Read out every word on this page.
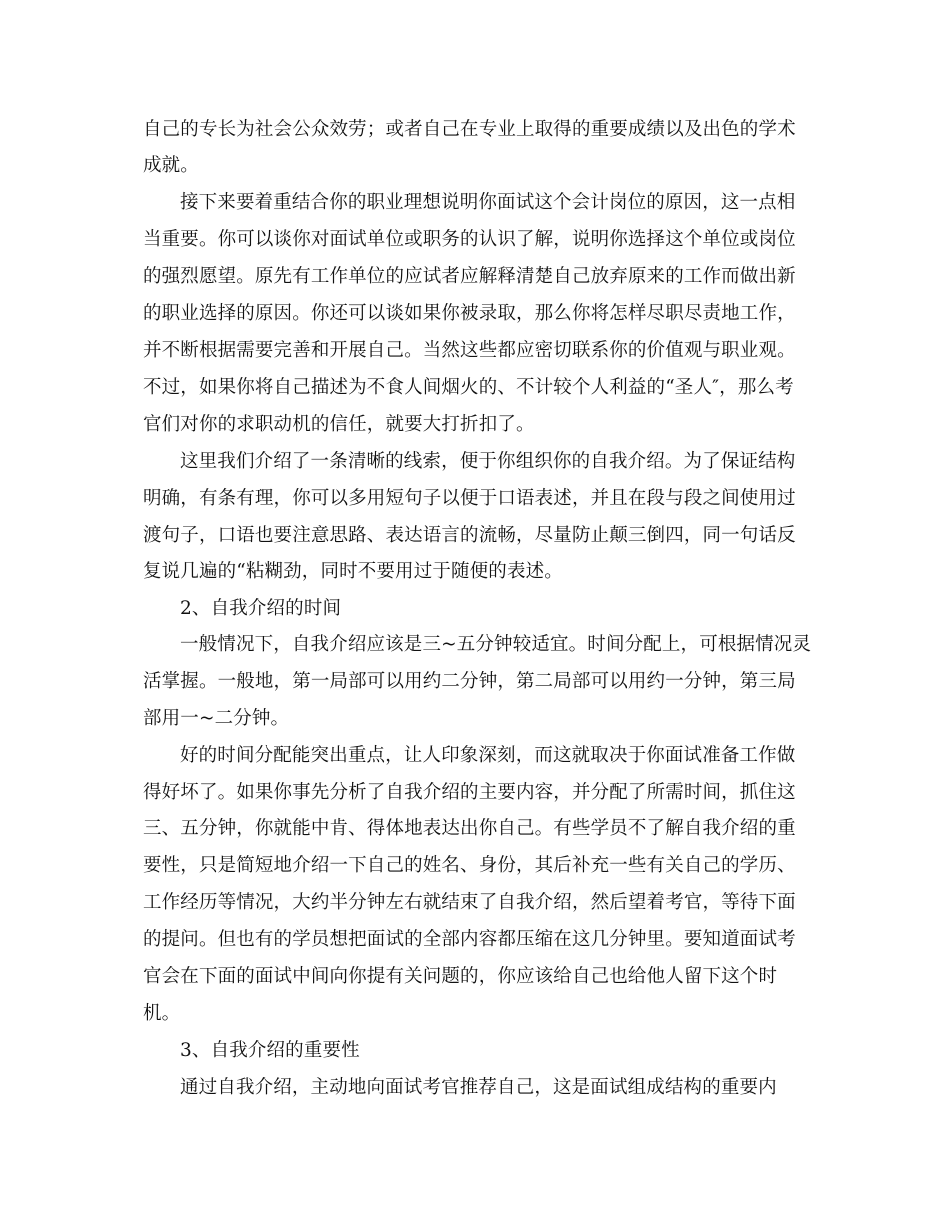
自己的专长为社会公众效劳；或者自己在专业上取得的重要成绩以及出色的学术
成就。
接下来要着重结合你的职业理想说明你面试这个会计岗位的原因，这一点相
当重要。你可以谈你对面试单位或职务的认识了解，说明你选择这个单位或岗位
的强烈愿望。原先有工作单位的应试者应解释清楚自己放弃原来的工作而做出新
的职业选择的原因。你还可以谈如果你被录取，那么你将怎样尽职尽责地工作，
并不断根据需要完善和开展自己。当然这些都应密切联系你的价值观与职业观。
不过，如果你将自己描述为不食人间烟火的、不计较个人利益的“圣人″，那么考
官们对你的求职动机的信任，就要大打折扣了。
这里我们介绍了一条清晰的线索，便于你组织你的自我介绍。为了保证结构
明确，有条有理，你可以多用短句子以便于口语表述，并且在段与段之间使用过
渡句子，口语也要注意思路、表达语言的流畅，尽量防止颠三倒四，同一句话反
复说几遍的“粘糊劲，同时不要用过于随便的表述。
2、自我介绍的时间
一般情况下，自我介绍应该是三~五分钟较适宜。时间分配上，可根据情况灵
活掌握。一般地，第一局部可以用约二分钟，第二局部可以用约一分钟，第三局
部用一~二分钟。
好的时间分配能突出重点，让人印象深刻，而这就取决于你面试准备工作做
得好坏了。如果你事先分析了自我介绍的主要内容，并分配了所需时间，抓住这
三、五分钟，你就能中肯、得体地表达出你自己。有些学员不了解自我介绍的重
要性，只是简短地介绍一下自己的姓名、身份，其后补充一些有关自己的学历、
工作经历等情况，大约半分钟左右就结束了自我介绍，然后望着考官，等待下面
的提问。但也有的学员想把面试的全部内容都压缩在这几分钟里。要知道面试考
官会在下面的面试中间向你提有关问题的，你应该给自己也给他人留下这个时
机。
3、自我介绍的重要性
通过自我介绍，主动地向面试考官推荐自己，这是面试组成结构的重要内
